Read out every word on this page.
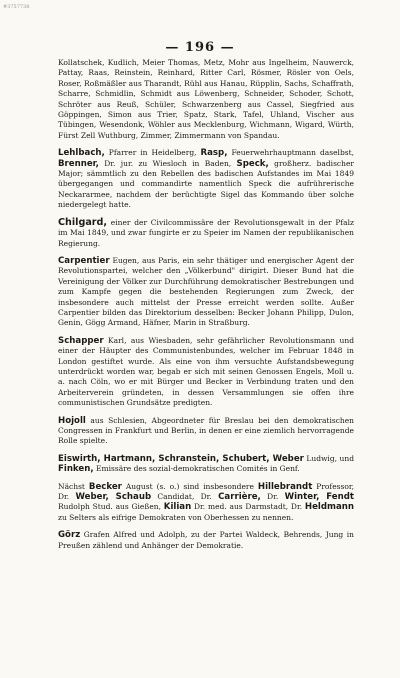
#3757738
— 196 —

Kollatschek, Kudlich, Meier Thomas, Metz, Mohr aus Ingelheim, Nauwerck, Pattay, Raas, Reinstein, Reinhard, Ritter Carl, Rösmer, Rösler von Oels, Roser, Roßmäßler aus Tharandt, Rühl aus Hanau, Rüpplin, Sachs, Schaffrath, Scharre, Schmidlin, Schmidt aus Löwenberg, Schneider, Schoder, Schott, Schröter aus Reuß, Schüler, Schwarzenberg aus Cassel, Siegfried aus Göppingen, Simon aus Trier, Spatz, Stark, Tafel, Uhland, Vischer aus Tübingen, Wesendonk, Wöhler aus Mecklenburg, Wichmann, Wigard, Würth, Fürst Zell Wuthburg, Zimmer, Zimmermann von Spandau.

Lehlbach, Pfarrer in Heidelberg, Rasp, Feuerwehrhauptmann daselbst, Brenner, Dr. jur. zu Wiesloch in Baden, Speck, großherz. badischer Major; sämmtlich zu den Rebellen des badischen Aufstandes im Mai 1849 übergegangen und commandirte namentlich Speck die aufrührerische Neckararmee, nachdem der berüchtigte Sigel das Kommando über solche niedergelegt hatte.

Chilgard, einer der Civilcommissäre der Revolutionsgewalt in der Pfalz im Mai 1849, und zwar fungirte er zu Speier im Namen der republikanischen Regierung.

Carpentier Eugen, aus Paris, ein sehr thätiger und energischer Agent der Revolutionspartei, welcher den „Völkerbund" dirigirt. Dieser Bund hat die Vereinigung der Völker zur Durchführung demokratischer Bestrebungen und zum Kampfe gegen die bestehenden Regierungen zum Zweck, der insbesondere auch mittelst der Presse erreicht werden sollte. Außer Carpentier bilden das Direktorium desselben: Becker Johann Philipp, Dulon, Genin, Gögg Armand, Häfner, Marin in Straßburg.

Schapper Karl, aus Wiesbaden, sehr gefährlicher Revolutionsmann und einer der Häupter des Communistenbundes, welcher im Februar 1848 in London gestiftet wurde. Als eine von ihm versuchte Aufstandsbewegung unterdrückt worden war, begab er sich mit seinen Genossen Engels, Moll u. a. nach Cöln, wo er mit Bürger und Becker in Verbindung traten und den Arbeiterverein gründeten, in dessen Versammlungen sie offen ihre communistischen Grundsätze predigten.

Hojoll aus Schlesien, Abgeordneter für Breslau bei den demokratischen Congressen in Frankfurt und Berlin, in denen er eine ziemlich hervorragende Rolle spielte.

Eiswirth, Hartmann, Schranstein, Schubert, Weber Ludwig, und Finken, Emissäre des sozial-demokratischen Comités in Genf.

Nächst Becker August (s. o.) sind insbesondere Hillebrandt Professor, Dr. Weber, Schaub Candidat, Dr. Carrière, Dr. Winter, Fendt Rudolph Stud. aus Gießen, Kilian Dr. med. aus Darmstadt, Dr. Heldmann zu Selters als eifrige Demokraten von Oberhessen zu nennen.

Görz Grafen Alfred und Adolph, zu der Partei Waldeck, Behrends, Jung in Preußen zählend und Anhänger der Demokratie.
